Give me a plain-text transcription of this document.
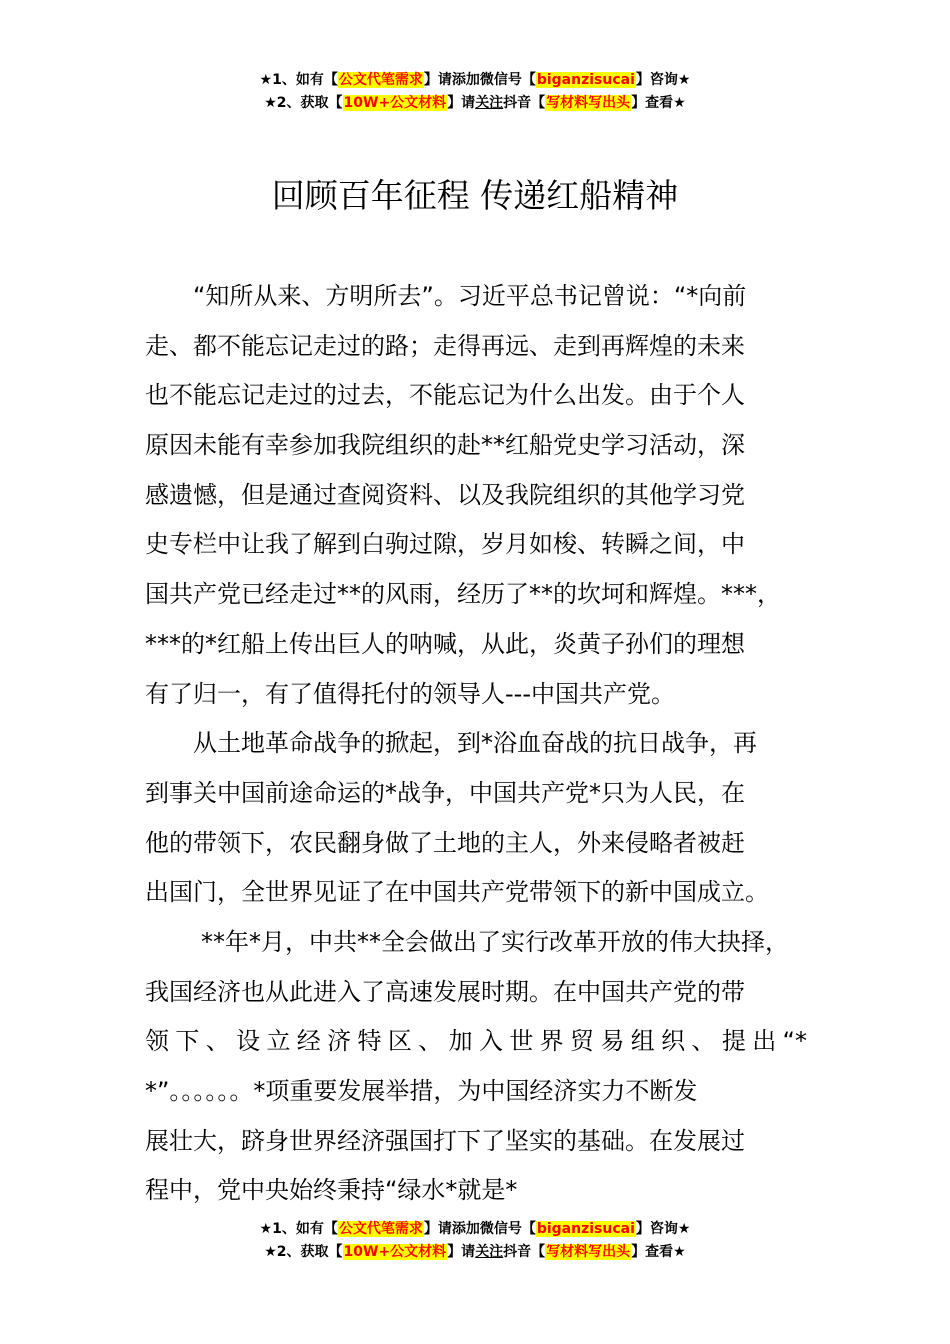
★1、如有【公文代笔需求】请添加微信号【biganzisucai】咨询★
★2、获取【10W+公文材料】请关注抖音【写材料写出头】查看★
回顾百年征程 传递红船精神
“知所从来、方明所去”。习近平总书记曾说：“*向前
走、都不能忘记走过的路；走得再远、走到再辉煌的未来
也不能忘记走过的过去，不能忘记为什么出发。由于个人
原因未能有幸参加我院组织的赴**红船党史学习活动，深
感遗憾，但是通过查阅资料、以及我院组织的其他学习党
史专栏中让我了解到白驹过隙，岁月如梭、转瞬之间，中
国共产党已经走过**的风雨，经历了**的坎坷和辉煌。***，
***的*红船上传出巨人的呐喊，从此，炎黄子孙们的理想
有了归一，有了值得托付的领导人---中国共产党。
从土地革命战争的掀起，到*浴血奋战的抗日战争，再
到事关中国前途命运的*战争，中国共产党*只为人民，在
他的带领下，农民翻身做了土地的主人，外来侵略者被赶
出国门，全世界见证了在中国共产党带领下的新中国成立。
**年*月，中共**全会做出了实行改革开放的伟大抉择，
我国经济也从此进入了高速发展时期。在中国共产党的带
领下、设立经济特区、加入世界贸易组织、提出“*
*”。。。。。。*项重要发展举措，为中国经济实力不断发
展壮大，跻身世界经济强国打下了坚实的基础。在发展过
程中，党中央始终秉持“绿水*就是*
★1、如有【公文代笔需求】请添加微信号【biganzisucai】咨询★
★2、获取【10W+公文材料】请关注抖音【写材料写出头】查看★
